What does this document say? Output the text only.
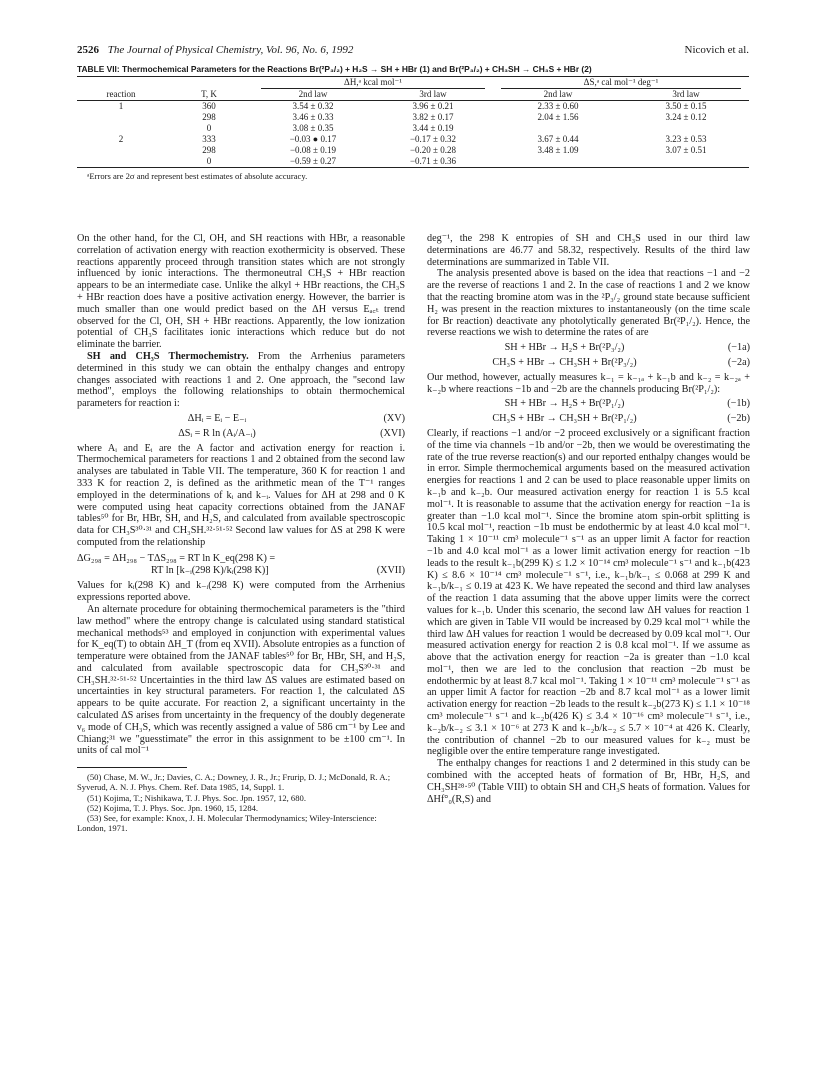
2526 The Journal of Physical Chemistry, Vol. 96, No. 6, 1992	Nicovich et al.
TABLE VII: Thermochemical Parameters for the Reactions Br(²P₃/₂) + H₂S → SH + HBr (1) and Br(²P₃/₂) + CH₃SH → CH₃S + HBr (2)

		ΔH,ᵃ kcal mol⁻¹		ΔS,ᵃ cal mol⁻¹ deg⁻¹	

reaction	T, K	2nd law	3rd law	2nd law	3rd law
1	360	3.54 ± 0.32	3.96 ± 0.21	2.33 ± 0.60	3.50 ± 0.15
	298	3.46 ± 0.33	3.82 ± 0.17	2.04 ± 1.56	3.24 ± 0.12
	0	3.08 ± 0.35	3.44 ± 0.19		
2	333	−0.03 ● 0.17	−0.17 ± 0.32	3.67 ± 0.44	3.23 ± 0.53
	298	−0.08 ± 0.19	−0.20 ± 0.28	3.48 ± 1.09	3.07 ± 0.51
	0	−0.59 ± 0.27	−0.71 ± 0.36		
ᵃErrors are 2σ and represent best estimates of absolute accuracy.

On the other hand, for the Cl, OH, and SH reactions with HBr, a reasonable correlation of activation energy with reaction exothermicity is observed. These reactions apparently proceed through transition states which are not strongly influenced by ionic interactions. The thermoneutral CH₃S + HBr reaction appears to be an intermediate case. Unlike the alkyl + HBr reactions, the CH₃S + HBr reaction does have a positive activation energy. However, the barrier is much smaller than one would predict based on the ΔH versus Eₐ꜀ₜ trend observed for the Cl, OH, SH + HBr reactions. Apparently, the low ionization potential of CH₃S facilitates ionic interactions which reduce but do not eliminate the barrier.

SH and CH₃S Thermochemistry. From the Arrhenius parameters determined in this study we can obtain the enthalpy changes and entropy changes associated with reactions 1 and 2. One approach, the "second law method", employs the following relationships to obtain thermochemical parameters for reaction i:

ΔHᵢ = Eᵢ − E₋ᵢ	(XV)
ΔSᵢ = R ln (Aᵢ/A₋ᵢ)	(XVI)

where Aᵢ and Eᵢ are the A factor and activation energy for reaction i. Thermochemical parameters for reactions 1 and 2 obtained from the second law analyses are tabulated in Table VII. The temperature, 360 K for reaction 1 and 333 K for reaction 2, is defined as the arithmetic mean of the T⁻¹ ranges employed in the determinations of kᵢ and k₋ᵢ. Values for ΔH at 298 and 0 K were computed using heat capacity corrections obtained from the JANAF tables⁵⁰ for Br, HBr, SH, and H₂S, and calculated from available spectroscopic data for CH₃S³⁰·³¹ and CH₃SH.³²·⁵¹·⁵² Second law values for ΔS at 298 K were computed from the relationship

ΔG₂₉₈ = ΔH₂₉₈ − TΔS₂₉₈ = RT ln K_eq(298 K) =
RT ln [k₋ᵢ(298 K)/kᵢ(298 K)]	(XVII)

Values for kᵢ(298 K) and k₋ᵢ(298 K) were computed from the Arrhenius expressions reported above.

An alternate procedure for obtaining thermochemical parameters is the "third law method" where the entropy change is calculated using standard statistical mechanical methods⁵³ and employed in conjunction with experimental values for K_eq(T) to obtain ΔH_T (from eq XVII). Absolute entropies as a function of temperature were obtained from the JANAF tables⁵⁰ for Br, HBr, SH, and H₂S, and calculated from available spectroscopic data for CH₃S³⁰·³¹ and CH₃SH.³²·⁵¹·⁵² Uncertainties in the third law ΔS values are estimated based on uncertainties in key structural parameters. For reaction 1, the calculated ΔS appears to be quite accurate. For reaction 2, a significant uncertainty in the calculated ΔS arises from uncertainty in the frequency of the doubly degenerate ν₆ mode of CH₃S, which was recently assigned a value of 586 cm⁻¹ by Lee and Chiang;³¹ we "guesstimate" the error in this assignment to be ±100 cm⁻¹. In units of cal mol⁻¹

(50) Chase, M. W., Jr.; Davies, C. A.; Downey, J. R., Jr.; Frurip, D. J.; McDonald, R. A.; Syverud, A. N. J. Phys. Chem. Ref. Data 1985, 14, Suppl. 1.

(51) Kojima, T.; Nishikawa, T. J. Phys. Soc. Jpn. 1957, 12, 680.

(52) Kojima, T. J. Phys. Soc. Jpn. 1960, 15, 1284.

(53) See, for example: Knox, J. H. Molecular Thermodynamics; Wiley-Interscience: London, 1971.

deg⁻¹, the 298 K entropies of SH and CH₃S used in our third law determinations are 46.77 and 58.32, respectively. Results of the third law determinations are summarized in Table VII.

The analysis presented above is based on the idea that reactions −1 and −2 are the reverse of reactions 1 and 2. In the case of reactions 1 and 2 we know that the reacting bromine atom was in the ²P₃/₂ ground state because sufficient H₂ was present in the reaction mixtures to instantaneously (on the time scale for Br reaction) deactivate any photolytically generated Br(²P₁/₂). Hence, the reverse reactions we wish to determine the rates of are

SH + HBr → H₂S + Br(²P₃/₂)	(−1a)
CH₃S + HBr → CH₃SH + Br(²P₃/₂)	(−2a)

Our method, however, actually measures k₋₁ = k₋₁ₐ + k₋₁b and k₋₂ = k₋₂ₐ + k₋₂b where reactions −1b and −2b are the channels producing Br(²P₁/₂):

SH + HBr → H₂S + Br(²P₁/₂)	(−1b)
CH₃S + HBr → CH₃SH + Br(²P₁/₂)	(−2b)

Clearly, if reactions −1 and/or −2 proceed exclusively or a significant fraction of the time via channels −1b and/or −2b, then we would be overestimating the rate of the true reverse reaction(s) and our reported enthalpy changes would be in error. Simple thermochemical arguments based on the measured activation energies for reactions 1 and 2 can be used to place reasonable upper limits on k₋₁b and k₋₂b. Our measured activation energy for reaction 1 is 5.5 kcal mol⁻¹. It is reasonable to assume that the activation energy for reaction −1a is greater than −1.0 kcal mol⁻¹. Since the bromine atom spin-orbit splitting is 10.5 kcal mol⁻¹, reaction −1b must be endothermic by at least 4.0 kcal mol⁻¹. Taking 1 × 10⁻¹¹ cm³ molecule⁻¹ s⁻¹ as an upper limit A factor for reaction −1b and 4.0 kcal mol⁻¹ as a lower limit activation energy for reaction −1b leads to the result k₋₁b(299 K) ≤ 1.2 × 10⁻¹⁴ cm³ molecule⁻¹ s⁻¹ and k₋₁b(423 K) ≤ 8.6 × 10⁻¹⁴ cm³ molecule⁻¹ s⁻¹, i.e., k₋₁b/k₋₁ ≤ 0.068 at 299 K and k₋₁b/k₋₁ ≤ 0.19 at 423 K. We have repeated the second and third law analyses of the reaction 1 data assuming that the above upper limits were the correct values for k₋₁b. Under this scenario, the second law ΔH values for reaction 1 which are given in Table VII would be increased by 0.29 kcal mol⁻¹ while the third law ΔH values for reaction 1 would be decreased by 0.09 kcal mol⁻¹. Our measured activation energy for reaction 2 is 0.8 kcal mol⁻¹. If we assume as above that the activation energy for reaction −2a is greater than −1.0 kcal mol⁻¹, then we are led to the conclusion that reaction −2b must be endothermic by at least 8.7 kcal mol⁻¹. Taking 1 × 10⁻¹¹ cm³ molecule⁻¹ s⁻¹ as an upper limit A factor for reaction −2b and 8.7 kcal mol⁻¹ as a lower limit activation energy for reaction −2b leads to the result k₋₂b(273 K) ≤ 1.1 × 10⁻¹⁸ cm³ molecule⁻¹ s⁻¹ and k₋₂b(426 K) ≤ 3.4 × 10⁻¹⁶ cm³ molecule⁻¹ s⁻¹, i.e., k₋₂b/k₋₂ ≤ 3.1 × 10⁻⁶ at 273 K and k₋₂b/k₋₂ ≤ 5.7 × 10⁻⁴ at 426 K. Clearly, the contribution of channel −2b to our measured values for k₋₂ must be negligible over the entire temperature range investigated.

The enthalpy changes for reactions 1 and 2 determined in this study can be combined with the accepted heats of formation of Br, HBr, H₂S, and CH₃SH²⁸·⁵⁰ (Table VIII) to obtain SH and CH₃S heats of formation. Values for ΔHf°₀(R,S) and
